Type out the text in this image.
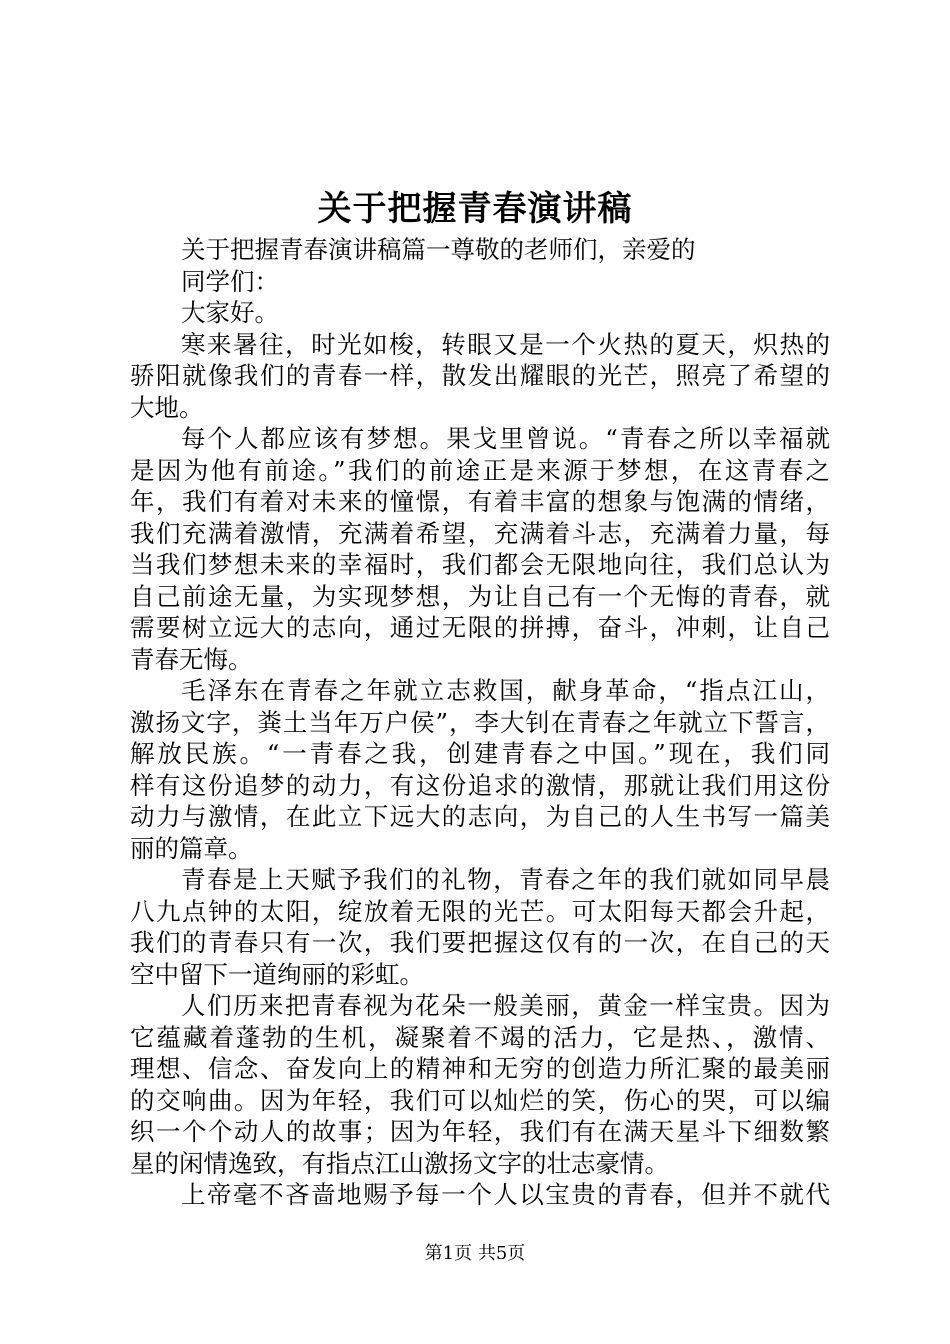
关于把握青春演讲稿
关于把握青春演讲稿篇一尊敬的老师们，亲爱的
同学们：
大家好。
寒来暑往，时光如梭，转眼又是一个火热的夏天，炽热的
骄阳就像我们的青春一样，散发出耀眼的光芒，照亮了希望的
大地。
每个人都应该有梦想。果戈里曾说。“青春之所以幸福就
是因为他有前途。”我们的前途正是来源于梦想，在这青春之
年，我们有着对未来的憧憬，有着丰富的想象与饱满的情绪，
我们充满着激情，充满着希望，充满着斗志，充满着力量，每
当我们梦想未来的幸福时，我们都会无限地向往，我们总认为
自己前途无量，为实现梦想，为让自己有一个无悔的青春，就
需要树立远大的志向，通过无限的拼搏，奋斗，冲刺，让自己
青春无悔。
毛泽东在青春之年就立志救国，献身革命，“指点江山，
激扬文字，粪土当年万户侯”，李大钊在青春之年就立下誓言，
解放民族。“一青春之我，创建青春之中国。”现在，我们同
样有这份追梦的动力，有这份追求的激情，那就让我们用这份
动力与激情，在此立下远大的志向，为自己的人生书写一篇美
丽的篇章。
青春是上天赋予我们的礼物，青春之年的我们就如同早晨
八九点钟的太阳，绽放着无限的光芒。可太阳每天都会升起，
我们的青春只有一次，我们要把握这仅有的一次，在自己的天
空中留下一道绚丽的彩虹。
人们历来把青春视为花朵一般美丽，黄金一样宝贵。因为
它蕴藏着蓬勃的生机，凝聚着不竭的活力，它是热、，激情、
理想、信念、奋发向上的精神和无穷的创造力所汇聚的最美丽
的交响曲。因为年轻，我们可以灿烂的笑，伤心的哭，可以编
织一个个动人的故事；因为年轻，我们有在满天星斗下细数繁
星的闲情逸致，有指点江山激扬文字的壮志豪情。
上帝毫不吝啬地赐予每一个人以宝贵的青春，但并不就代
第1页 共5页
